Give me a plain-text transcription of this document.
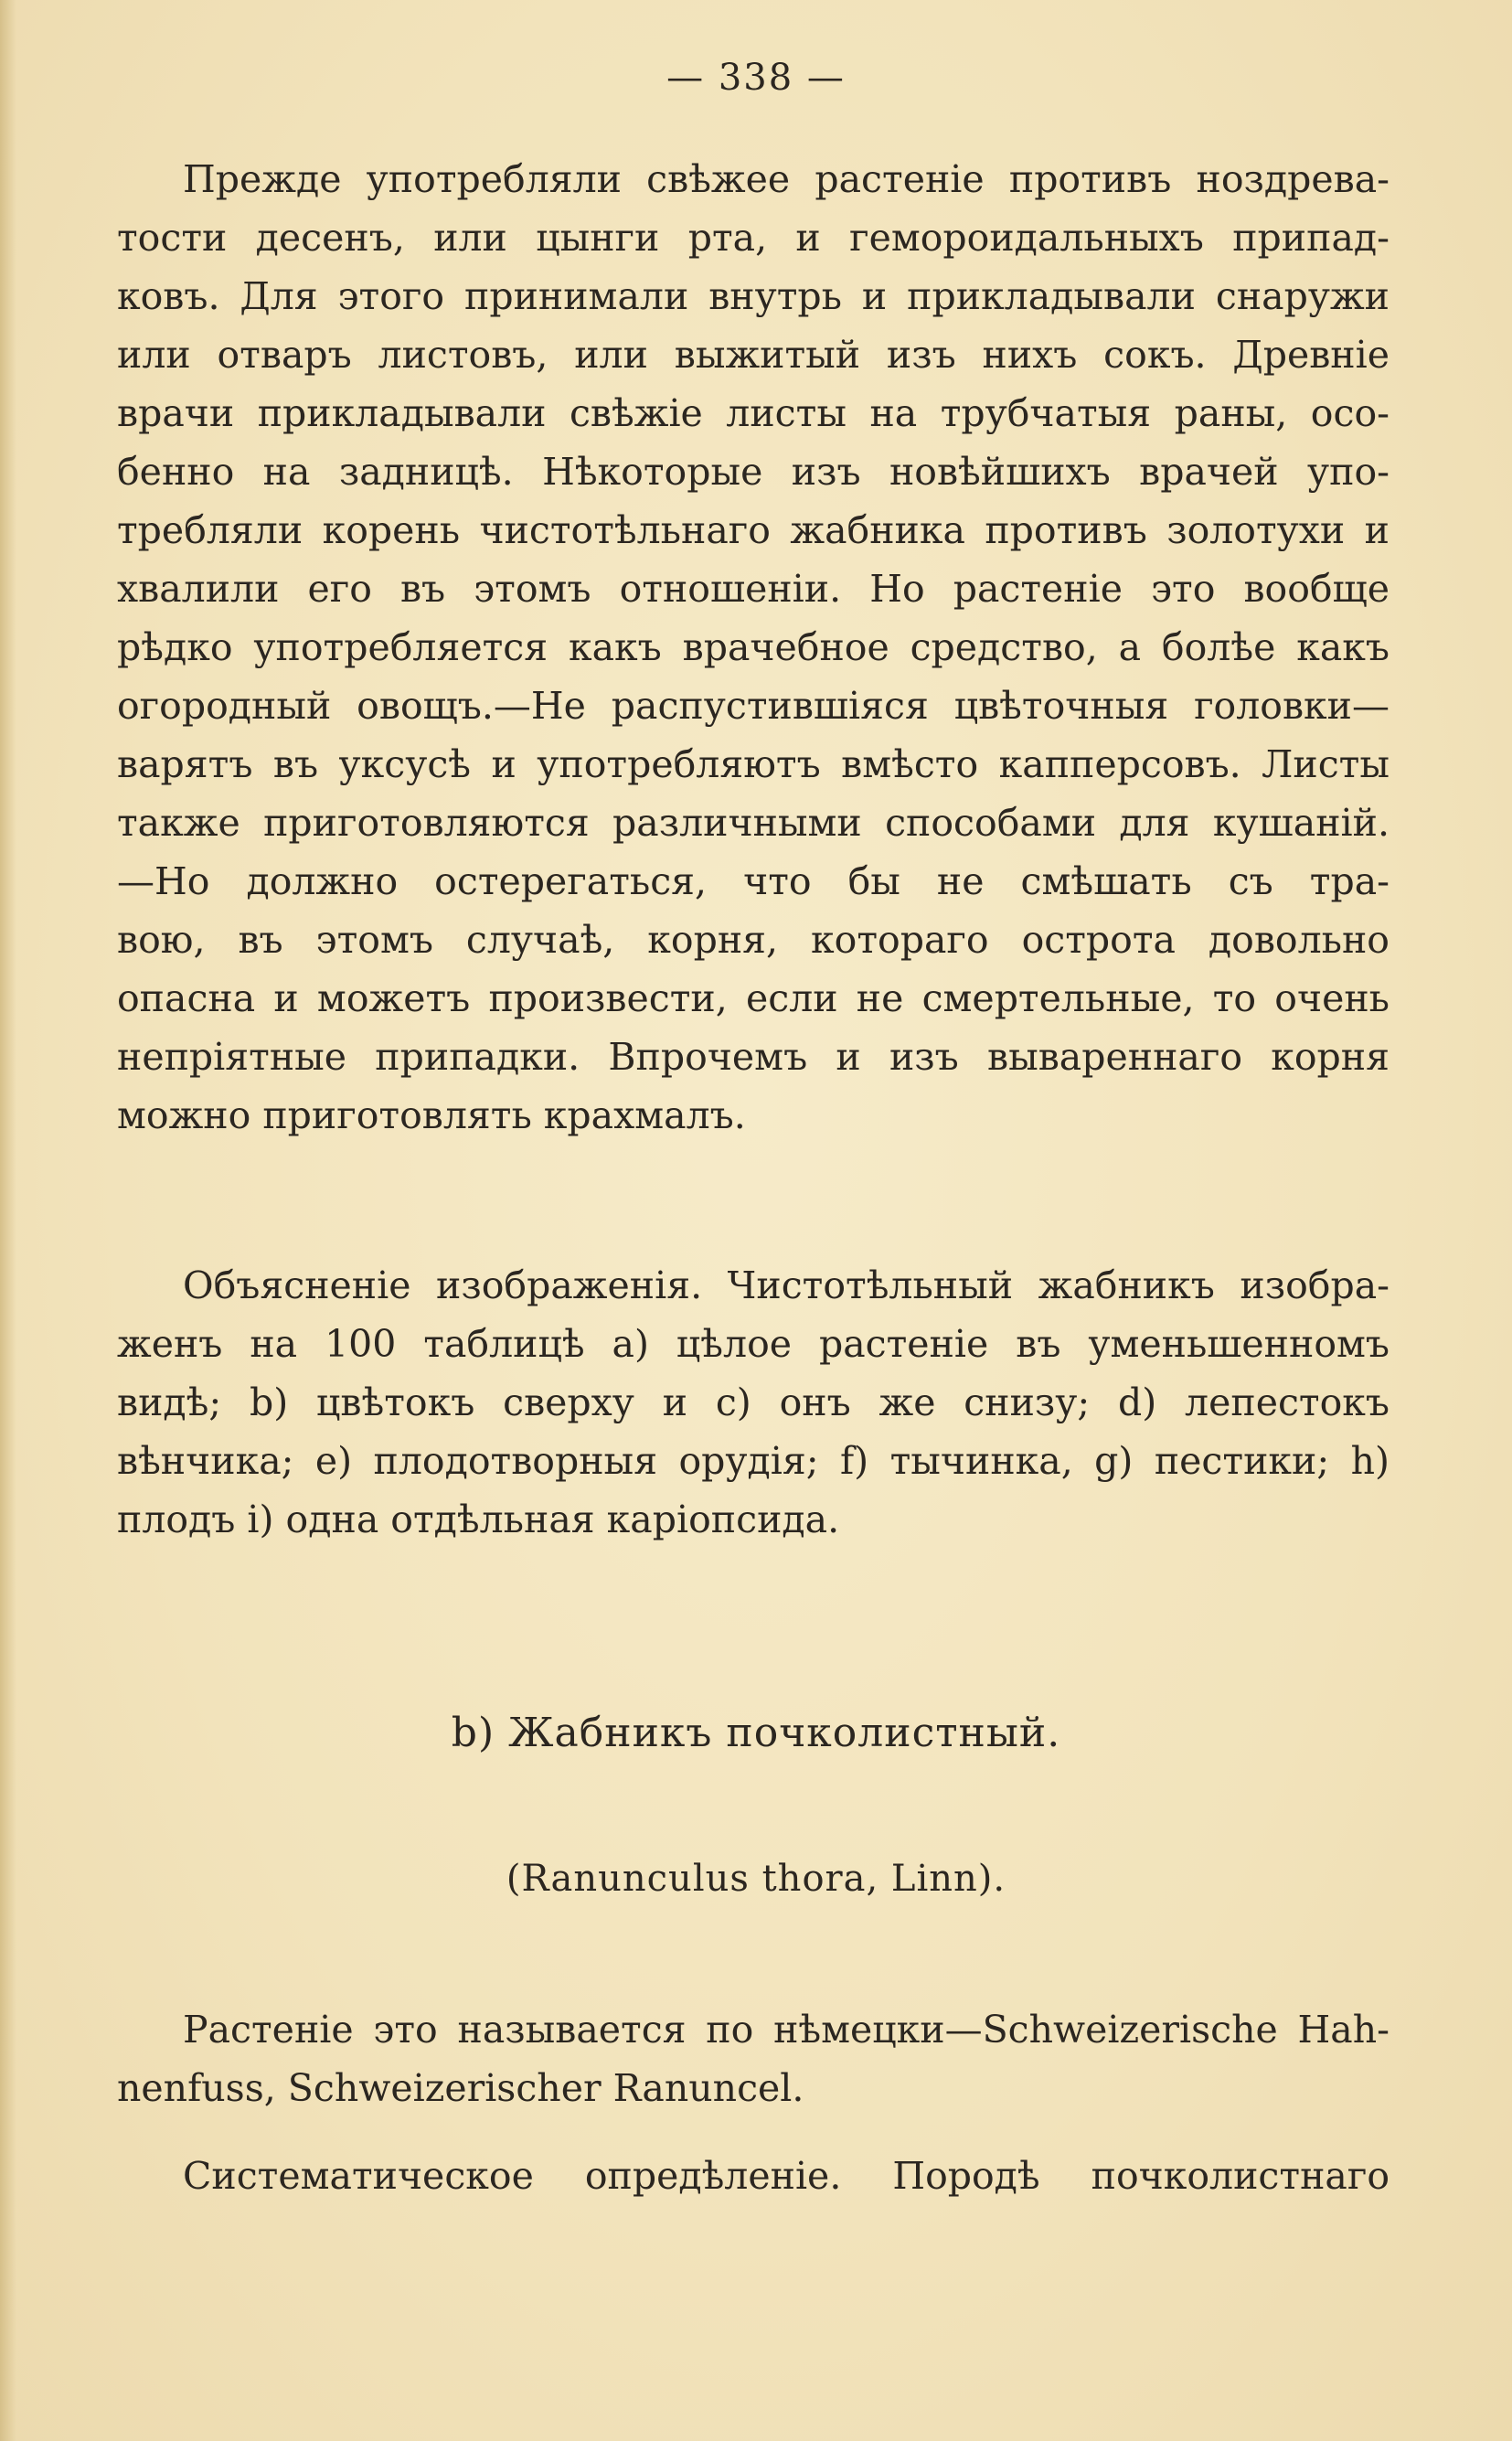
— 338 —
Прежде употребляли свѣжее растеніе противъ ноздрева-
тости десенъ, или цынги рта, и геморoидальныхъ припад-
ковъ. Для этого принимали внутрь и прикладывали снаружи
или отваръ листовъ, или выжитый изъ нихъ сокъ. Древніе
врачи прикладывали свѣжіе листы на трубчатыя раны, осо-
бенно на задницѣ. Нѣкоторые изъ новѣйшихъ врачей упо-
требляли корень чистотѣльнаго жабника противъ золотухи и
хвалили его въ этомъ отношеніи. Но растеніе это вообще
рѣдко употребляется какъ врачебное средство, а болѣе какъ
огородный овощъ.—Не распустившіяся цвѣточныя головки—
варятъ въ уксусѣ и употребляютъ вмѣсто капперсовъ. Листы
также приготовляются различными способами для кушаній.
—Но должно остерегаться, что бы не смѣшать съ тра-
вою, въ этомъ случаѣ, корня, котораго острота довольно
опасна и можетъ произвести, если не смертельные, то очень
непріятные припадки. Впрочемъ и изъ вывареннаго корня
можно приготовлять крахмалъ.
Объясненіе изображенія. Чистотѣльный жабникъ изобра-
женъ на 100 таблицѣ a) цѣлое растеніе въ уменьшенномъ
видѣ; b) цвѣтокъ сверху и c) онъ же снизу; d) лепестокъ
вѣнчика; e) плодотворныя орудія; f) тычинка, g) пестики; h)
плодъ i) одна отдѣльная каріопсида.
b) Жабникъ почколистный.
(Ranunculus thora, Linn).
Растеніе это называется по нѣмецки—Schweizerische Hah-
nenfuss, Schweizerischer Ranuncel.
Систематическое опредѣленіе. Породѣ почколистнаго
